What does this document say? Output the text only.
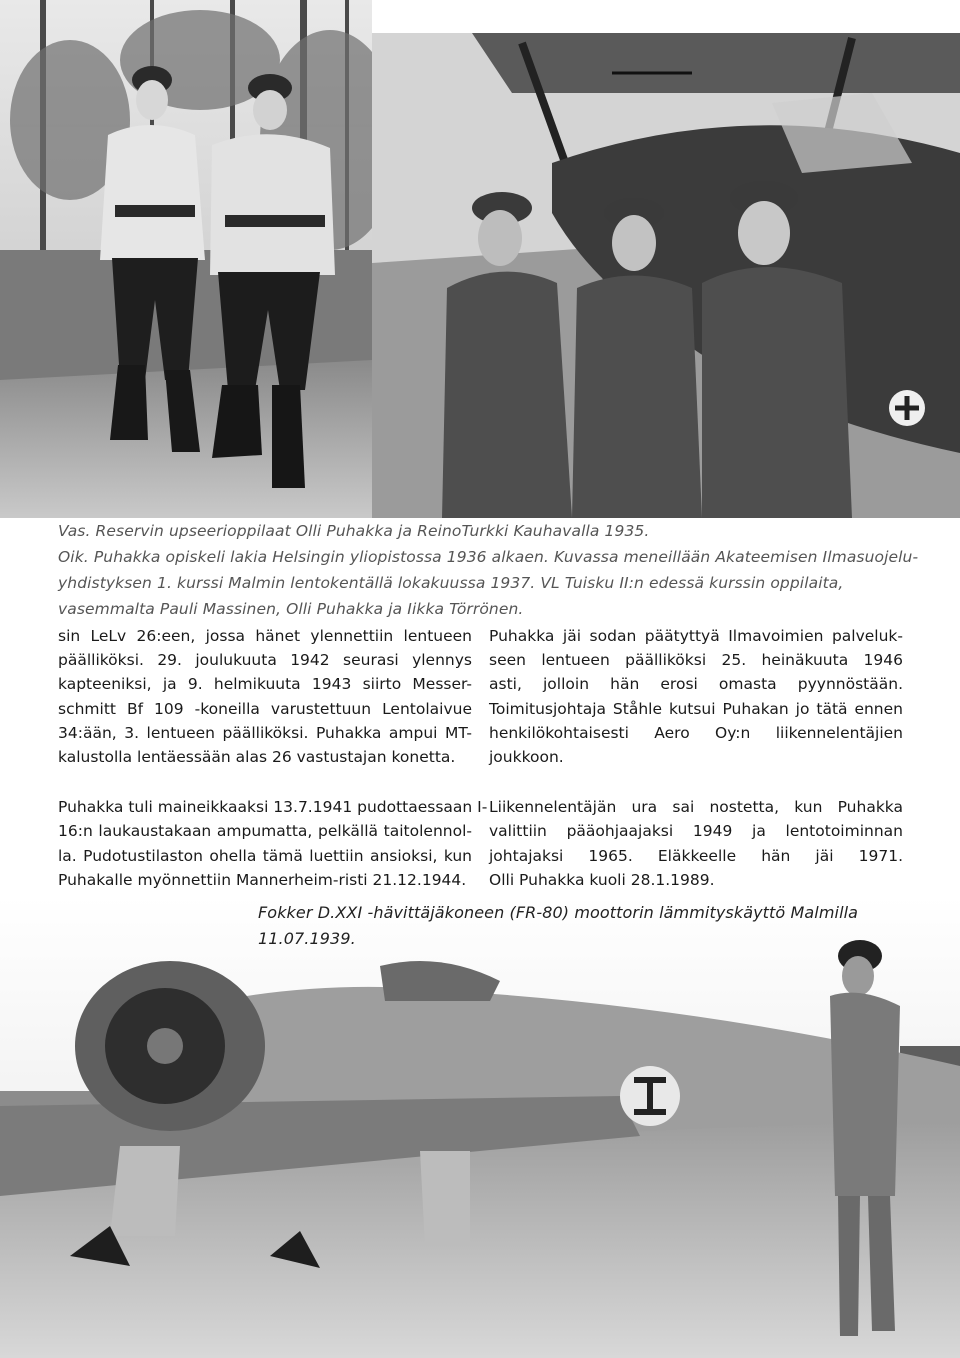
Vas. Reservin upseerioppilaat Olli Puhakka ja ReinoTurkki Kauhavalla 1935.
Oik. Puhakka opiskeli lakia Helsingin yliopistossa 1936 alkaen. Kuvassa meneillään Akateemisen Ilmasuojelu-
yhdistyksen 1. kurssi Malmin lentokentällä lokakuussa 1937. VL Tuisku II:n edessä kurssin oppilaita,
vasemmalta Pauli Massinen, Olli Puhakka ja Iikka Törrönen.
sin LeLv 26:een, jossa hänet ylennettiin lentueen
päälliköksi. 29. joulukuuta 1942 seurasi ylennys
kapteeniksi, ja 9. helmikuuta 1943 siirto Messer-
schmitt Bf 109 -koneilla varustettuun Lentolaivue
34:ään, 3. lentueen päälliköksi. Puhakka ampui MT-
kalustolla lentäessään alas 26 vastustajan konetta.
Puhakka tuli maineikkaaksi 13.7.1941 pudottaessaan I-
16:n laukaustakaan ampumatta, pelkällä taitolennol-
la. Pudotustilaston ohella tämä luettiin ansioksi, kun
Puhakalle myönnettiin Mannerheim-risti 21.12.1944.
Puhakka jäi sodan päätyttyä Ilmavoimien palveluk-
seen lentueen päälliköksi 25. heinäkuuta 1946
asti, jolloin hän erosi omasta pyynnöstään.
Toimitusjohtaja Ståhle kutsui Puhakan jo tätä ennen
henkilökohtaisesti Aero Oy:n liikennelentäjien
joukkoon.
Liikennelentäjän ura sai nostetta, kun Puhakka
valittiin pääohjaajaksi 1949 ja lentotoiminnan
johtajaksi 1965. Eläkkeelle hän jäi 1971.
Olli Puhakka kuoli 28.1.1989.
Fokker D.XXI -hävittäjäkoneen (FR-80) moottorin lämmityskäyttö Malmilla 11.07.1939.
